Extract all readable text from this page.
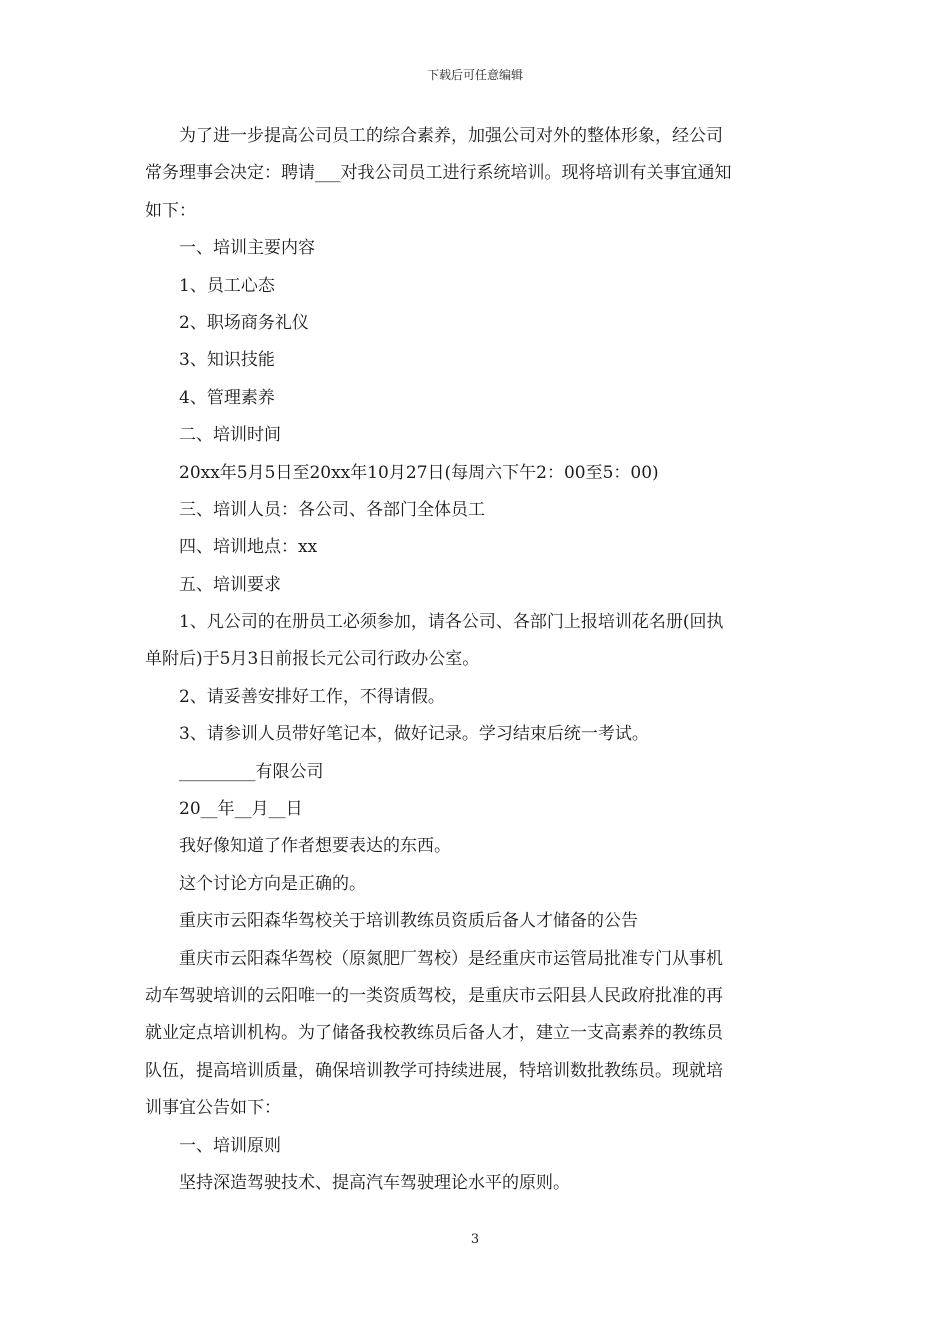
下载后可任意编辑
为了进一步提高公司员工的综合素养，加强公司对外的整体形象，经公司
常务理事会决定：聘请___对我公司员工进行系统培训。现将培训有关事宜通知
如下：
一、培训主要内容
1、员工心态
2、职场商务礼仪
3、知识技能
4、管理素养
二、培训时间
20xx年5月5日至20xx年10月27日(每周六下午2：00至5：00)
三、培训人员：各公司、各部门全体员工
四、培训地点：xx
五、培训要求
1、凡公司的在册员工必须参加，请各公司、各部门上报培训花名册(回执
单附后)于5月3日前报长元公司行政办公室。
2、请妥善安排好工作，不得请假。
3、请参训人员带好笔记本，做好记录。学习结束后统一考试。
_________有限公司
20__年__月__日
我好像知道了作者想要表达的东西。
这个讨论方向是正确的。
重庆市云阳森华驾校关于培训教练员资质后备人才储备的公告
重庆市云阳森华驾校（原氮肥厂驾校）是经重庆市运管局批准专门从事机
动车驾驶培训的云阳唯一的一类资质驾校，是重庆市云阳县人民政府批准的再
就业定点培训机构。为了储备我校教练员后备人才，建立一支高素养的教练员
队伍，提高培训质量，确保培训教学可持续进展，特培训数批教练员。现就培
训事宜公告如下：
一、培训原则
坚持深造驾驶技术、提高汽车驾驶理论水平的原则。
3
